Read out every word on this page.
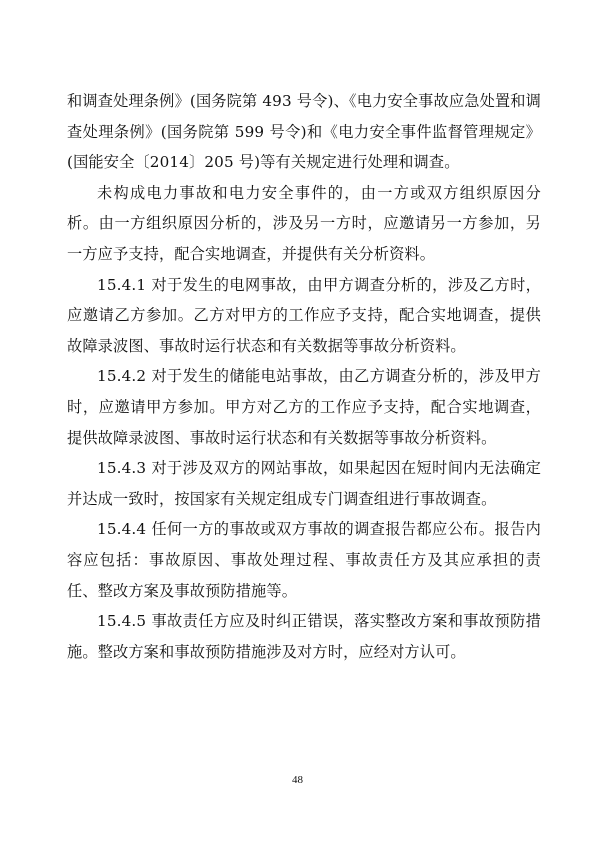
和调查处理条例》(国务院第 493 号令)、《电力安全事故应急处置和调查处理条例》(国务院第 599 号令)和《电力安全事件监督管理规定》(国能安全〔2014〕205 号)等有关规定进行处理和调查。

未构成电力事故和电力安全事件的，由一方或双方组织原因分析。由一方组织原因分析的，涉及另一方时，应邀请另一方参加，另一方应予支持，配合实地调查，并提供有关分析资料。

15.4.1 对于发生的电网事故，由甲方调查分析的，涉及乙方时，应邀请乙方参加。乙方对甲方的工作应予支持，配合实地调查，提供故障录波图、事故时运行状态和有关数据等事故分析资料。

15.4.2 对于发生的储能电站事故，由乙方调查分析的，涉及甲方时，应邀请甲方参加。甲方对乙方的工作应予支持，配合实地调查，提供故障录波图、事故时运行状态和有关数据等事故分析资料。

15.4.3 对于涉及双方的网站事故，如果起因在短时间内无法确定并达成一致时，按国家有关规定组成专门调查组进行事故调查。

15.4.4 任何一方的事故或双方事故的调查报告都应公布。报告内容应包括：事故原因、事故处理过程、事故责任方及其应承担的责任、整改方案及事故预防措施等。

15.4.5 事故责任方应及时纠正错误，落实整改方案和事故预防措施。整改方案和事故预防措施涉及对方时，应经对方认可。

48
